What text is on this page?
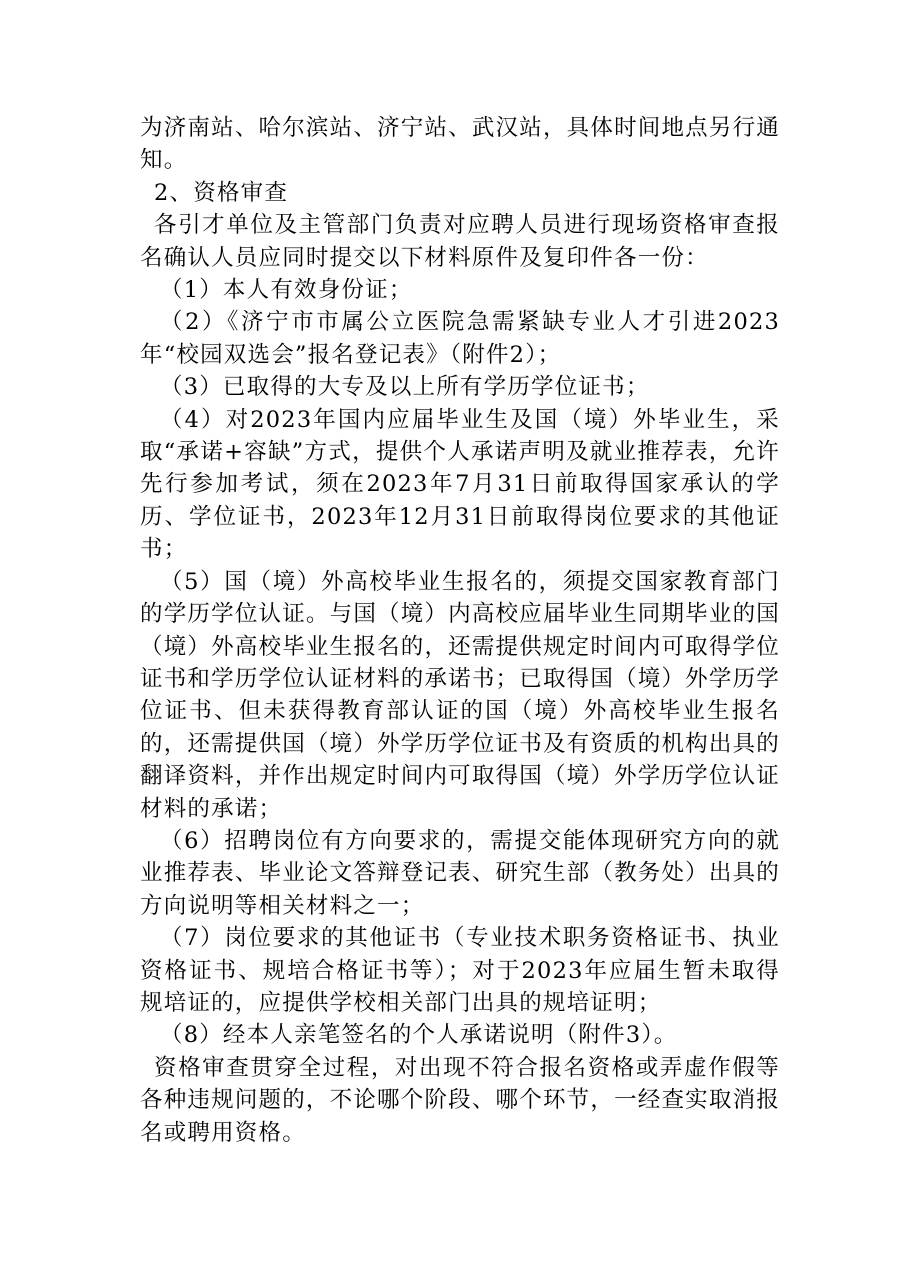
为济南站、哈尔滨站、济宁站、武汉站，具体时间地点另行通知。

2、资格审查

各引才单位及主管部门负责对应聘人员进行现场资格审查报名确认人员应同时提交以下材料原件及复印件各一份：

（1）本人有效身份证；

（2）《济宁市市属公立医院急需紧缺专业人才引进2023年“校园双选会”报名登记表》（附件2）；

（3）已取得的大专及以上所有学历学位证书；

（4）对2023年国内应届毕业生及国（境）外毕业生，采取“承诺+容缺”方式，提供个人承诺声明及就业推荐表，允许先行参加考试，须在2023年7月31日前取得国家承认的学历、学位证书，2023年12月31日前取得岗位要求的其他证书；

（5）国（境）外高校毕业生报名的，须提交国家教育部门的学历学位认证。与国（境）内高校应届毕业生同期毕业的国（境）外高校毕业生报名的，还需提供规定时间内可取得学位证书和学历学位认证材料的承诺书；已取得国（境）外学历学位证书、但未获得教育部认证的国（境）外高校毕业生报名的，还需提供国（境）外学历学位证书及有资质的机构出具的翻译资料，并作出规定时间内可取得国（境）外学历学位认证材料的承诺；

（6）招聘岗位有方向要求的，需提交能体现研究方向的就业推荐表、毕业论文答辩登记表、研究生部（教务处）出具的方向说明等相关材料之一；

（7）岗位要求的其他证书（专业技术职务资格证书、执业资格证书、规培合格证书等）；对于2023年应届生暂未取得规培证的，应提供学校相关部门出具的规培证明；

（8）经本人亲笔签名的个人承诺说明（附件3）。

资格审查贯穿全过程，对出现不符合报名资格或弄虚作假等各种违规问题的，不论哪个阶段、哪个环节，一经查实取消报名或聘用资格。
